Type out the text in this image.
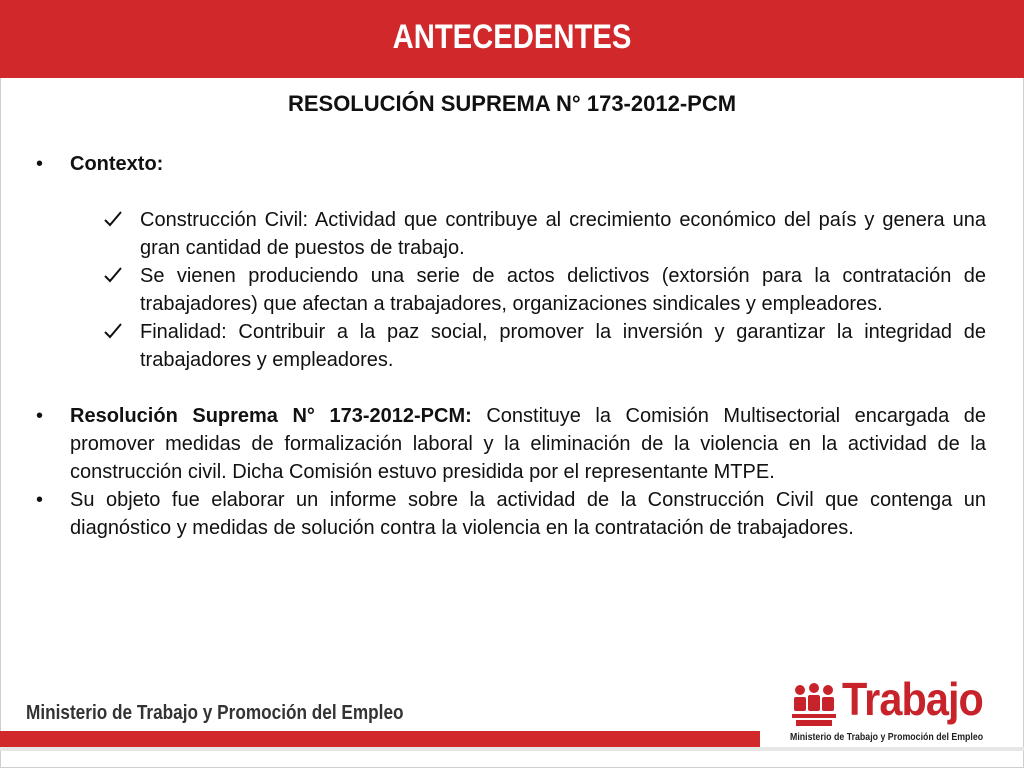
ANTECEDENTES
RESOLUCIÓN SUPREMA N° 173-2012-PCM
• Contexto:
Construcción Civil: Actividad que contribuye al crecimiento económico del país y genera una gran cantidad de puestos de trabajo.
Se vienen produciendo una serie de actos delictivos (extorsión para la contratación de trabajadores) que afectan a trabajadores, organizaciones sindicales y empleadores.
Finalidad: Contribuir a la paz social, promover la inversión y garantizar la integridad de trabajadores y empleadores.
• Resolución Suprema N° 173-2012-PCM: Constituye la Comisión Multisectorial encargada de promover medidas de formalización laboral y la eliminación de la violencia en la actividad de la construcción civil. Dicha Comisión estuvo presidida por el representante MTPE.
• Su objeto fue elaborar un informe sobre la actividad de la Construcción Civil que contenga un diagnóstico y medidas de solución contra la violencia en la contratación de trabajadores.
Ministerio de Trabajo y Promoción del Empleo	Trabajo
Ministerio de Trabajo y Promoción del Empleo
